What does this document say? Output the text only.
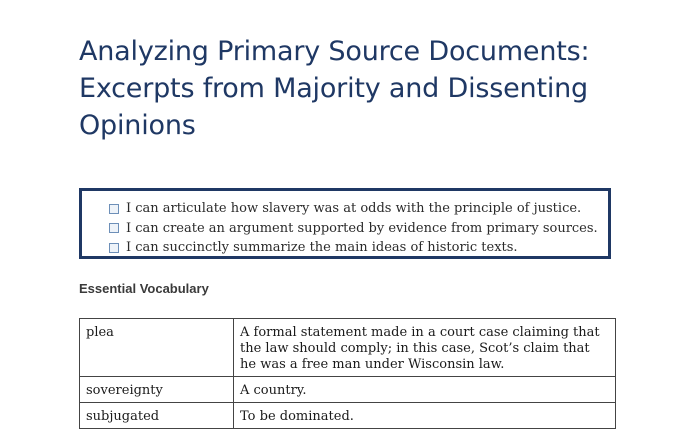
Analyzing Primary Source Documents: Excerpts from Majority and Dissenting Opinions
I can articulate how slavery was at odds with the principle of justice.
I can create an argument supported by evidence from primary sources.
I can succinctly summarize the main ideas of historic texts.
Essential Vocabulary
plea	A formal statement made in a court case claiming that the law should comply; in this case, Scot’s claim that he was a free man under Wisconsin law.
sovereignty	A country.
subjugated	To be dominated.
